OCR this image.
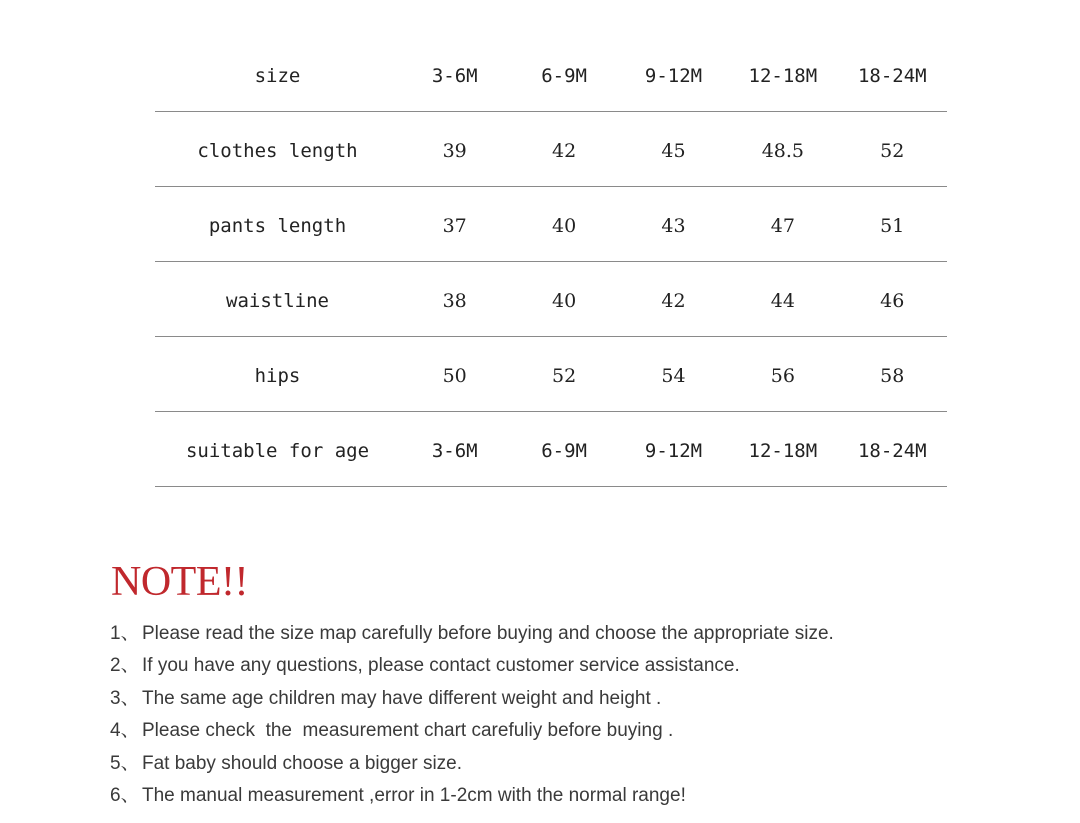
size	3-6M	6-9M	9-12M	12-18M	18-24M
clothes length	39	42	45	48.5	52
pants length	37	40	43	47	51
waistline	38	40	42	44	46
hips	50	52	54	56	58
suitable for age	3-6M	6-9M	9-12M	12-18M	18-24M
NOTE!!
1、 Please read the size map carefully before buying and choose the appropriate size.
2、 If you have any questions, please contact customer service assistance.
3、 The same age children may have different weight and height .
4、 Please check  the  measurement chart carefuliy before buying .
5、 Fat baby should choose a bigger size.
6、 The manual measurement ,error in 1-2cm with the normal range!
